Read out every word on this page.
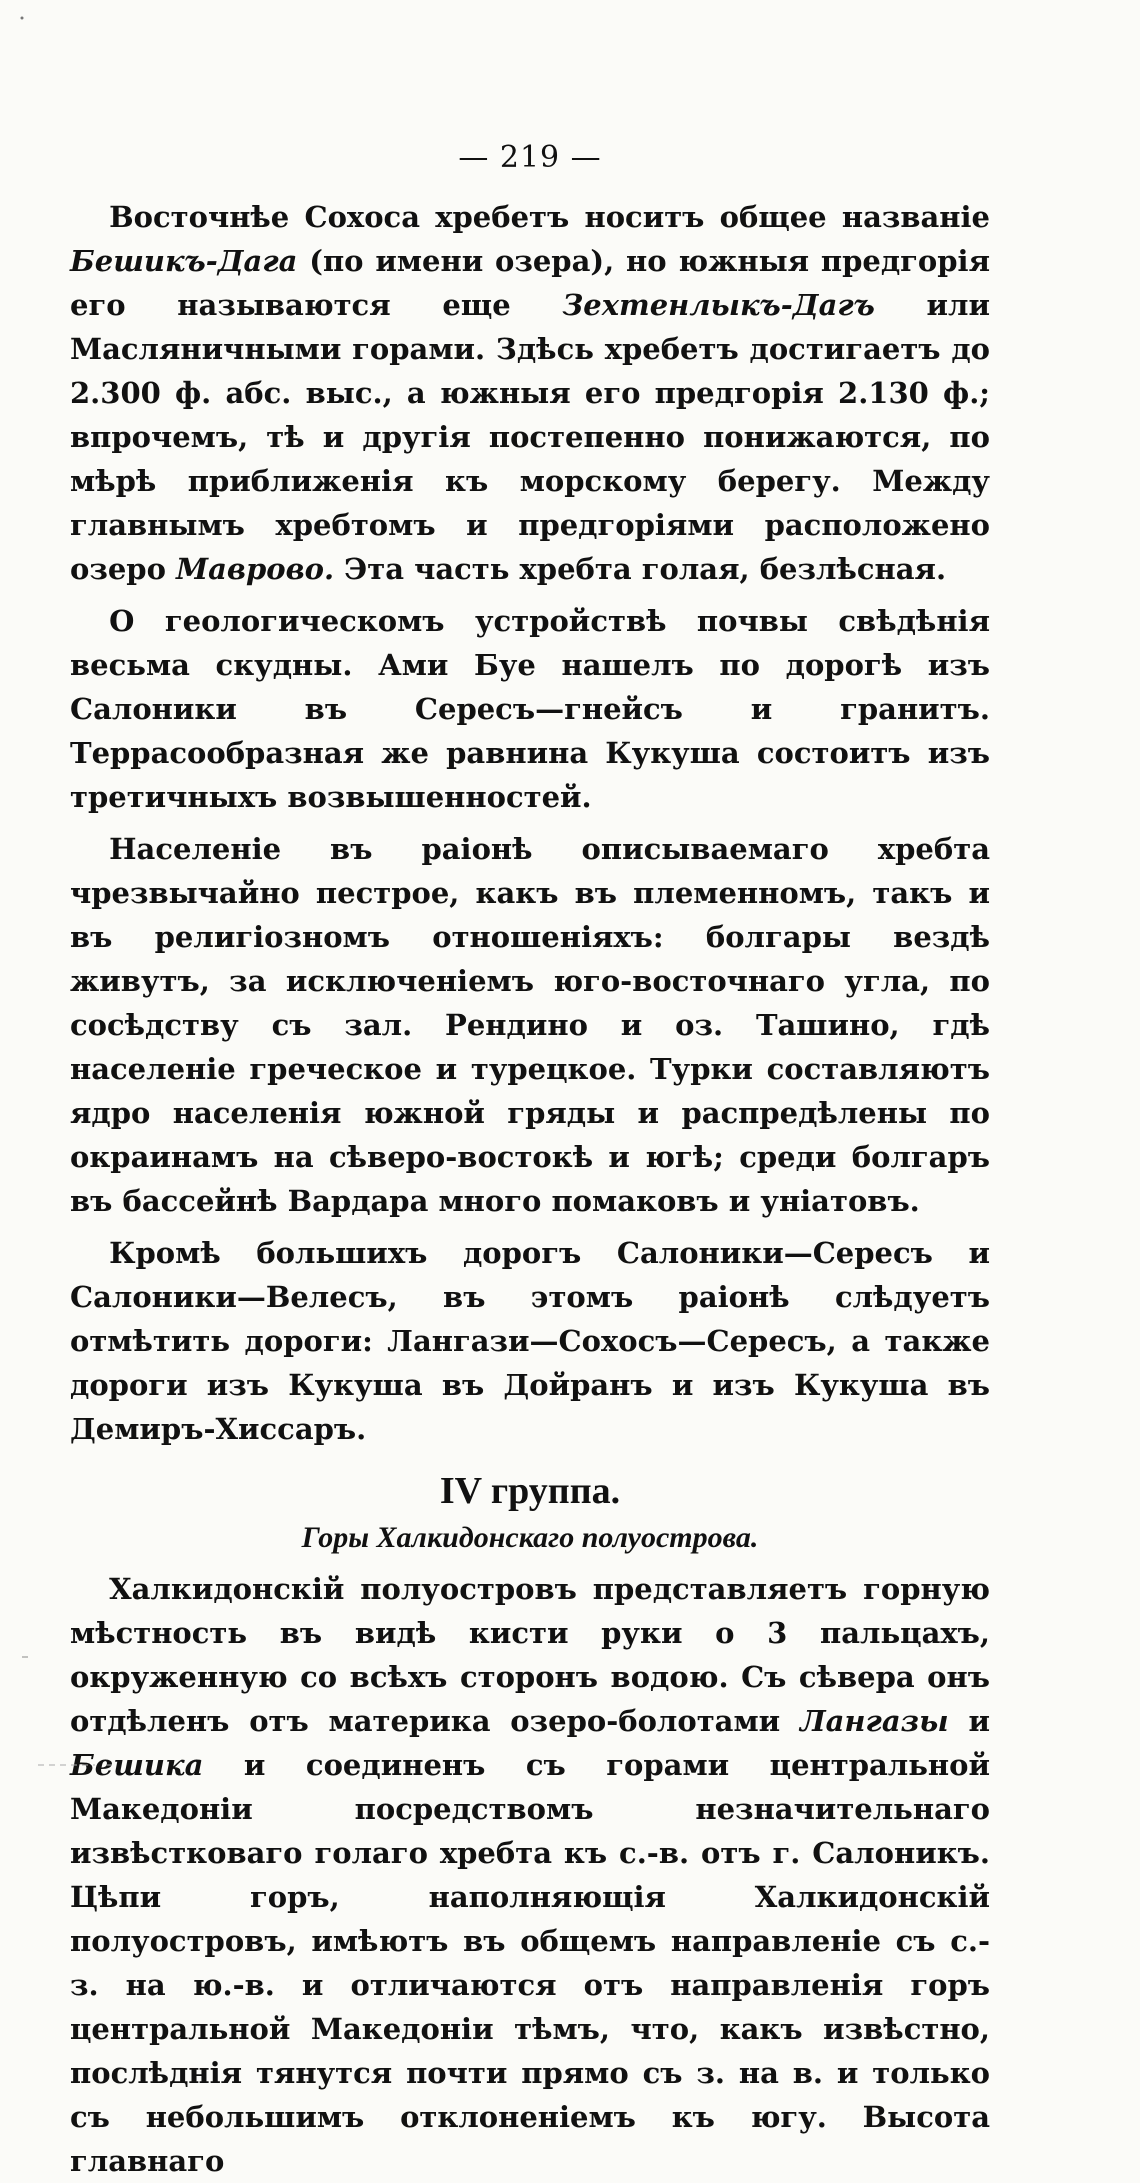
— 219 —

Восточнѣе Сохоса хребетъ носитъ общее названіе Бешикъ-Дага (по имени озера), но южныя предгорія его называются еще Зехтенлыкъ-Дагъ или Масляничными горами. Здѣсь хребетъ достигаетъ до 2.300 ф. абс. выс., а южныя его предгорія 2.130 ф.; впрочемъ, тѣ и другія постепенно понижаются, по мѣрѣ приближенія къ морскому берегу. Между главнымъ хребтомъ и предгоріями расположено озеро Маврово. Эта часть хребта голая, безлѣсная.

О геологическомъ устройствѣ почвы свѣдѣнія весьма скудны. Ами Буе нашелъ по дорогѣ изъ Салоники въ Сересъ—гнейсъ и гранитъ. Террасообразная же равнина Кукуша состоитъ изъ третичныхъ возвышенностей.

Населеніе въ раіонѣ описываемаго хребта чрезвычайно пестрое, какъ въ племенномъ, такъ и въ религіозномъ отношеніяхъ: болгары вездѣ живутъ, за исключеніемъ юго-восточнаго угла, по сосѣдству съ зал. Рендино и оз. Ташино, гдѣ населеніе греческое и турецкое. Турки составляютъ ядро населенія южной гряды и распредѣлены по окраинамъ на сѣверо-востокѣ и югѣ; среди болгаръ въ бассейнѣ Вардара много помаковъ и уніатовъ.

Кромѣ большихъ дорогъ Салоники—Сересъ и Салоники—Велесъ, въ этомъ раіонѣ слѣдуетъ отмѣтить дороги: Лангази—Сохосъ—Сересъ, а также дороги изъ Кукуша въ Дойранъ и изъ Кукуша въ Демиръ-Хиссаръ.

IV группа.
Горы Халкидонскаго полуострова.

Халкидонскій полуостровъ представляетъ горную мѣстность въ видѣ кисти руки о 3 пальцахъ, окруженную со всѣхъ сторонъ водою. Съ сѣвера онъ отдѣленъ отъ материка озеро-болотами Лангазы и Бешика и соединенъ съ горами центральной Македоніи посредствомъ незначительнаго извѣстковаго голаго хребта къ с.-в. отъ г. Салоникъ. Цѣпи горъ, наполняющія Халкидонскій полуостровъ, имѣютъ въ общемъ направленіе съ с.-з. на ю.-в. и отличаются отъ направленія горъ центральной Македоніи тѣмъ, что, какъ извѣстно, послѣднія тянутся почти прямо съ з. на в. и только съ небольшимъ отклоненіемъ къ югу. Высота главнаго
